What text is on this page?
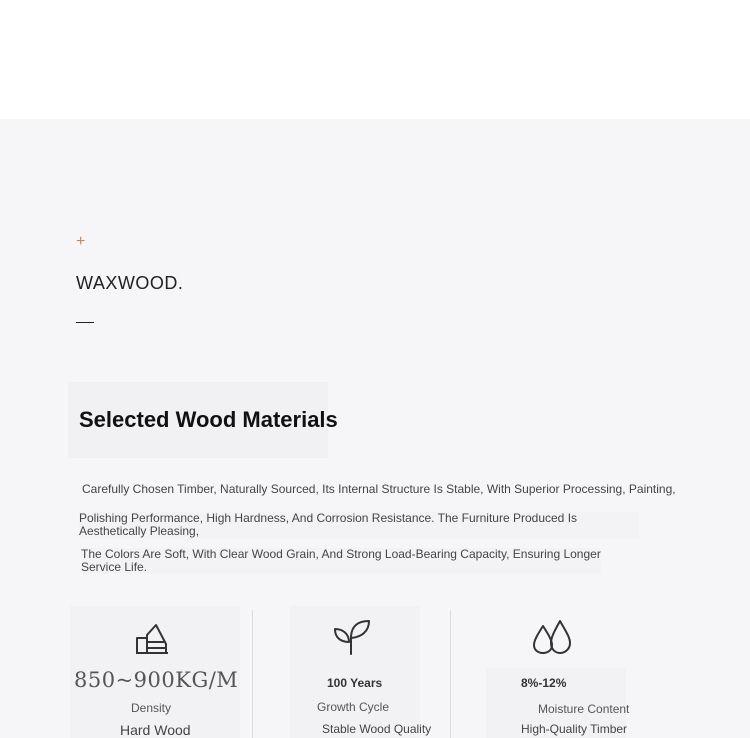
+
WAXWOOD.
Selected Wood Materials
Carefully Chosen Timber, Naturally Sourced, Its Internal Structure Is Stable, With Superior Processing, Painting,
Polishing Performance, High Hardness, And Corrosion Resistance. The Furniture Produced Is Aesthetically Pleasing,
The Colors Are Soft, With Clear Wood Grain, And Strong Load-Bearing Capacity, Ensuring Longer Service Life.
850~900KG/M
Density
Hard Wood
100 Years
Growth Cycle
Stable Wood Quality
8%-12%
Moisture Content
High-Quality Timber
